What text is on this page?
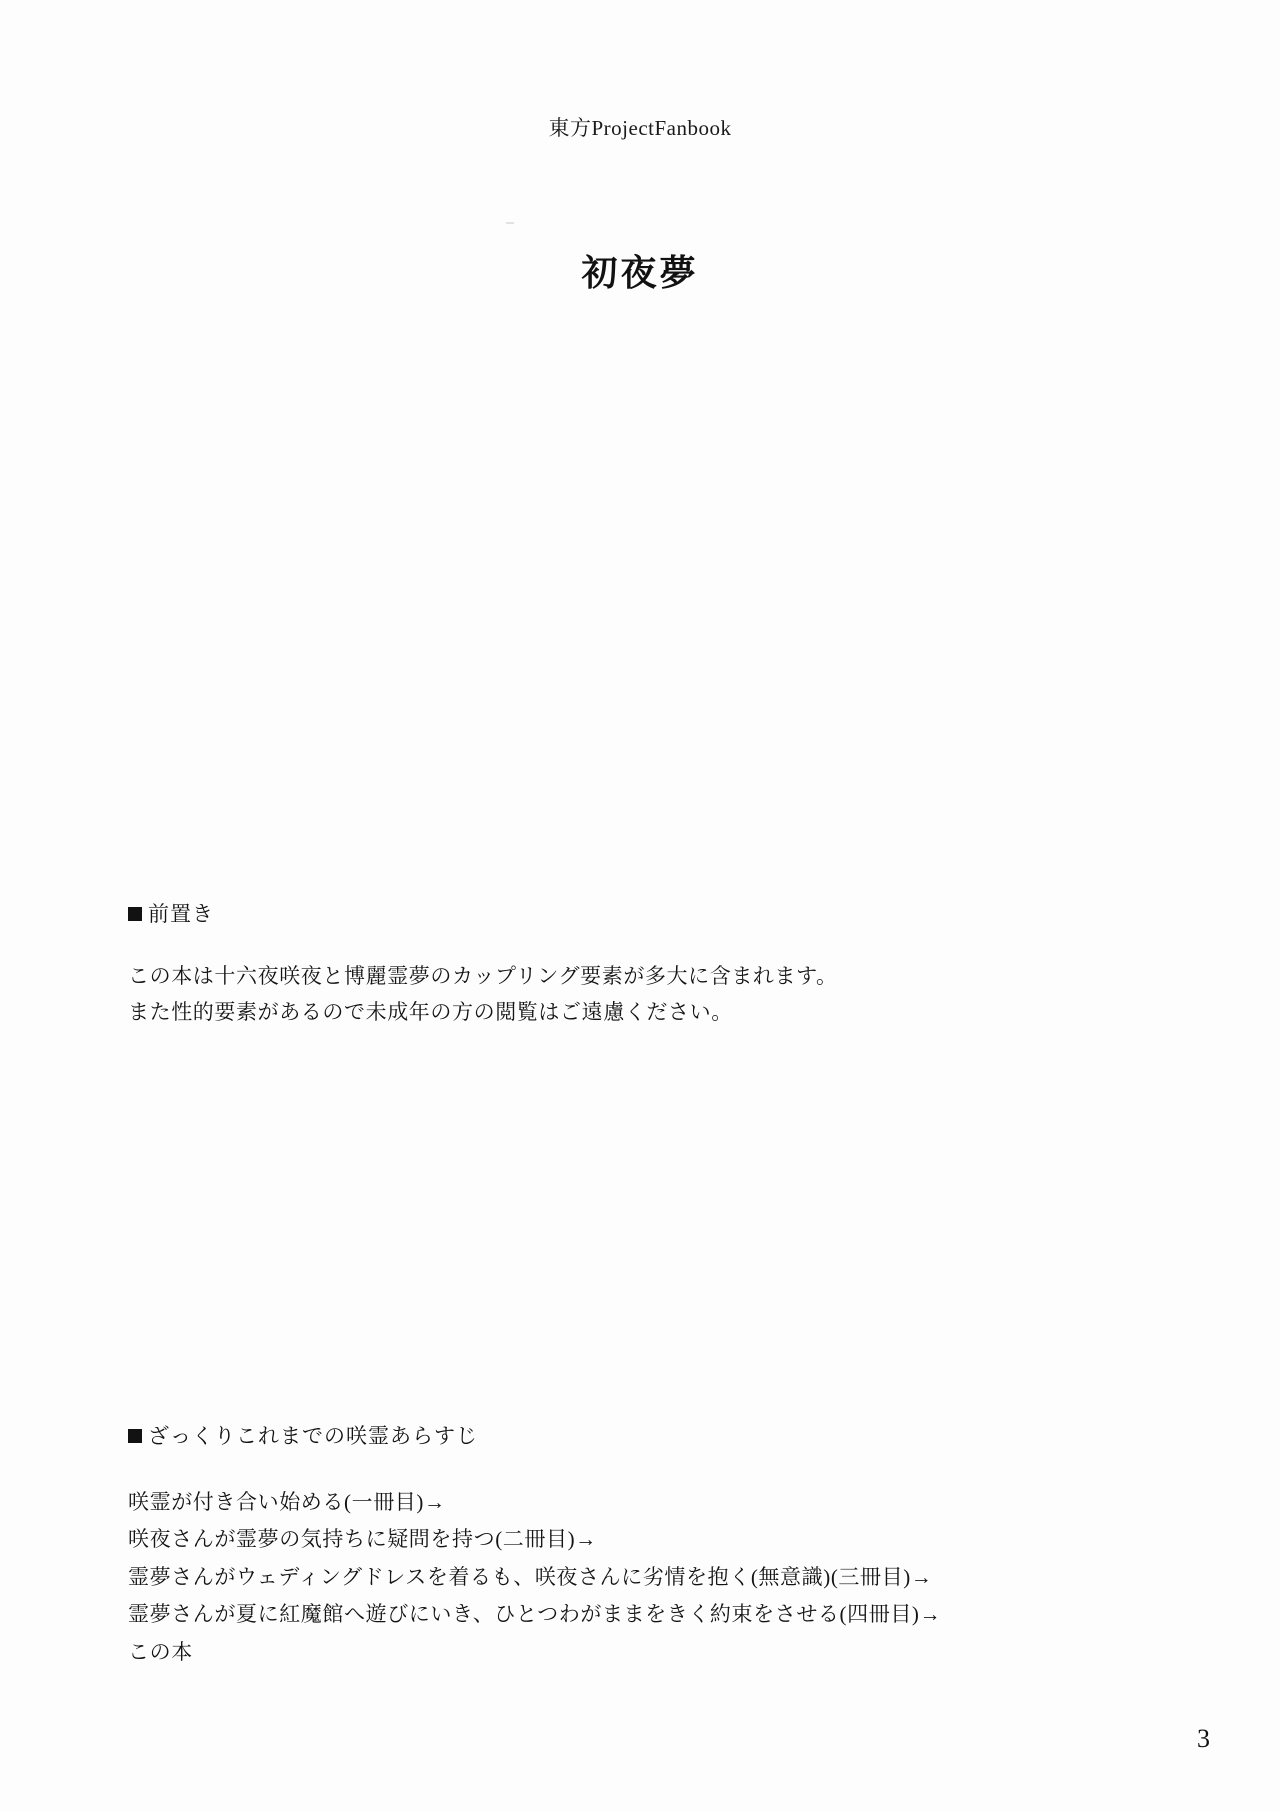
東方ProjectFanbook
初夜夢
前置き

この本は十六夜咲夜と博麗霊夢のカップリング要素が多大に含まれます。

また性的要素があるので未成年の方の閲覧はご遠慮ください。

ざっくりこれまでの咲霊あらすじ
咲霊が付き合い始める(一冊目)→
咲夜さんが霊夢の気持ちに疑問を持つ(二冊目)→
霊夢さんがウェディングドレスを着るも、咲夜さんに劣情を抱く(無意識)(三冊目)→
霊夢さんが夏に紅魔館へ遊びにいき、ひとつわがままをきく約束をさせる(四冊目)→
この本
3
